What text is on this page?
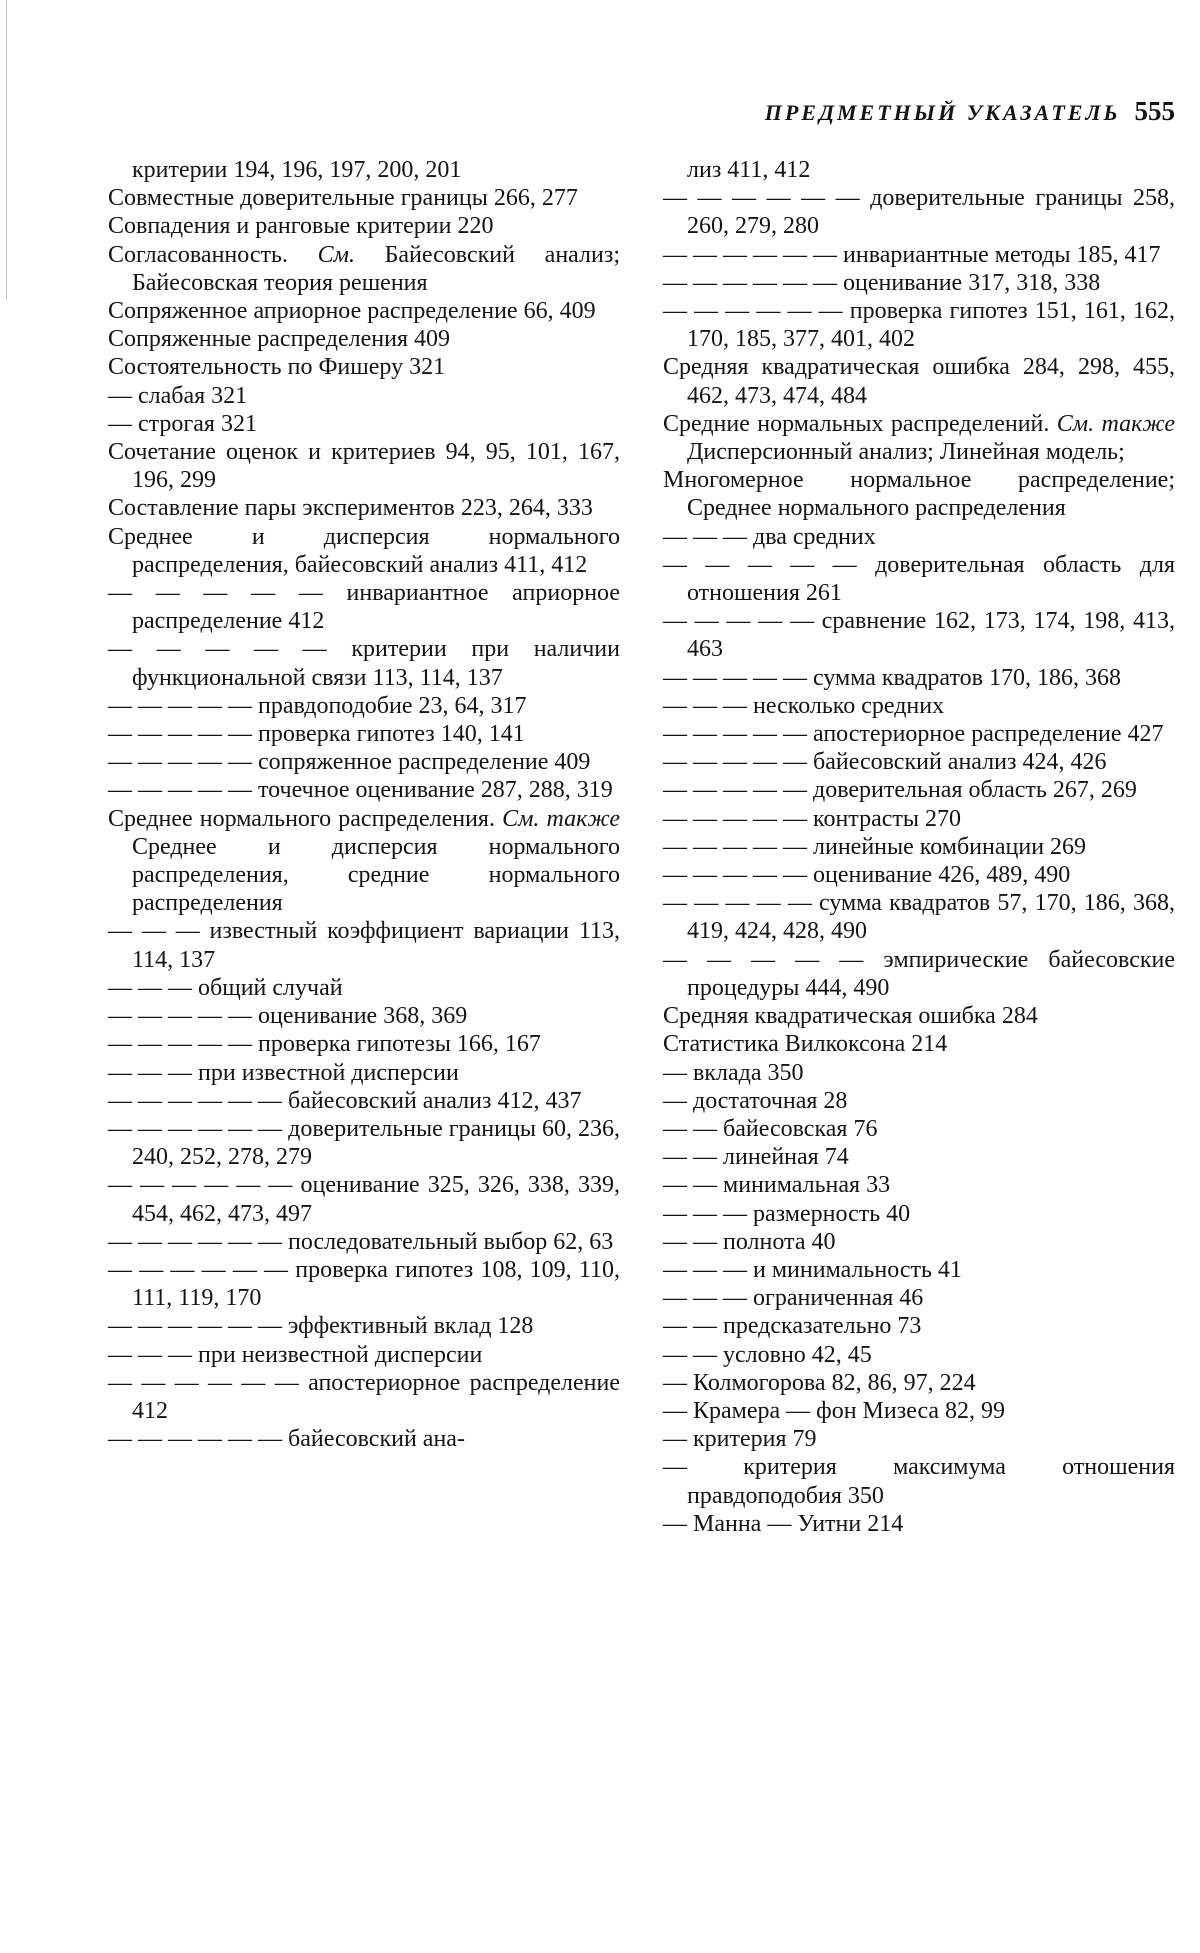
ПРЕДМЕТНЫЙ УКАЗАТЕЛЬ 555

критерии 194, 196, 197, 200, 201

Совместные доверительные границы 266, 277

Совпадения и ранговые критерии 220

Согласованность. См. Байесовский анализ; Байесовская теория решения

Сопряженное априорное распределение 66, 409

Сопряженные распределения 409

Состоятельность по Фишеру 321

— слабая 321

— строгая 321

Сочетание оценок и критериев 94, 95, 101, 167, 196, 299

Составление пары экспериментов 223, 264, 333

Среднее и дисперсия нормального распределения, байесовский анализ 411, 412

— — — — — инвариантное априорное распределение 412

— — — — — критерии при наличии функциональной связи 113, 114, 137

— — — — — правдоподобие 23, 64, 317

— — — — — проверка гипотез 140, 141

— — — — — сопряженное распределение 409

— — — — — точечное оценивание 287, 288, 319

Среднее нормального распределения. См. также Среднее и дисперсия нормального распределения, средние нормального распределения

— — — известный коэффициент вариации 113, 114, 137

— — — общий случай

— — — — — оценивание 368, 369

— — — — — проверка гипотезы 166, 167

— — — при известной дисперсии

— — — — — — байесовский анализ 412, 437

— — — — — — доверительные границы 60, 236, 240, 252, 278, 279

— — — — — — оценивание 325, 326, 338, 339, 454, 462, 473, 497

— — — — — — последовательный выбор 62, 63

— — — — — — проверка гипотез 108, 109, 110, 111, 119, 170

— — — — — — эффективный вклад 128

— — — при неизвестной дисперсии

— — — — — — апостериорное распределение 412

— — — — — — байесовский ана-

лиз 411, 412

— — — — — — доверительные границы 258, 260, 279, 280

— — — — — — инвариантные методы 185, 417

— — — — — — оценивание 317, 318, 338

— — — — — — проверка гипотез 151, 161, 162, 170, 185, 377, 401, 402

Средняя квадратическая ошибка 284, 298, 455, 462, 473, 474, 484

Средние нормальных распределений. См. также Дисперсионный анализ; Линейная модель;

Многомерное нормальное распределение; Среднее нормального распределения

— — — два средних

— — — — — доверительная область для отношения 261

— — — — — сравнение 162, 173, 174, 198, 413, 463

— — — — — сумма квадратов 170, 186, 368

— — — несколько средних

— — — — — апостериорное распределение 427

— — — — — байесовский анализ 424, 426

— — — — — доверительная область 267, 269

— — — — — контрасты 270

— — — — — линейные комбинации 269

— — — — — оценивание 426, 489, 490

— — — — — сумма квадратов 57, 170, 186, 368, 419, 424, 428, 490

— — — — — эмпирические байесовские процедуры 444, 490

Средняя квадратическая ошибка 284

Статистика Вилкоксона 214

— вклада 350

— достаточная 28

— — байесовская 76

— — линейная 74

— — минимальная 33

— — — размерность 40

— — полнота 40

— — — и минимальность 41

— — — ограниченная 46

— — предсказательно 73

— — условно 42, 45

— Колмогорова 82, 86, 97, 224

— Крамера — фон Мизеса 82, 99

— критерия 79

— критерия максимума отношения правдоподобия 350

— Манна — Уитни 214
